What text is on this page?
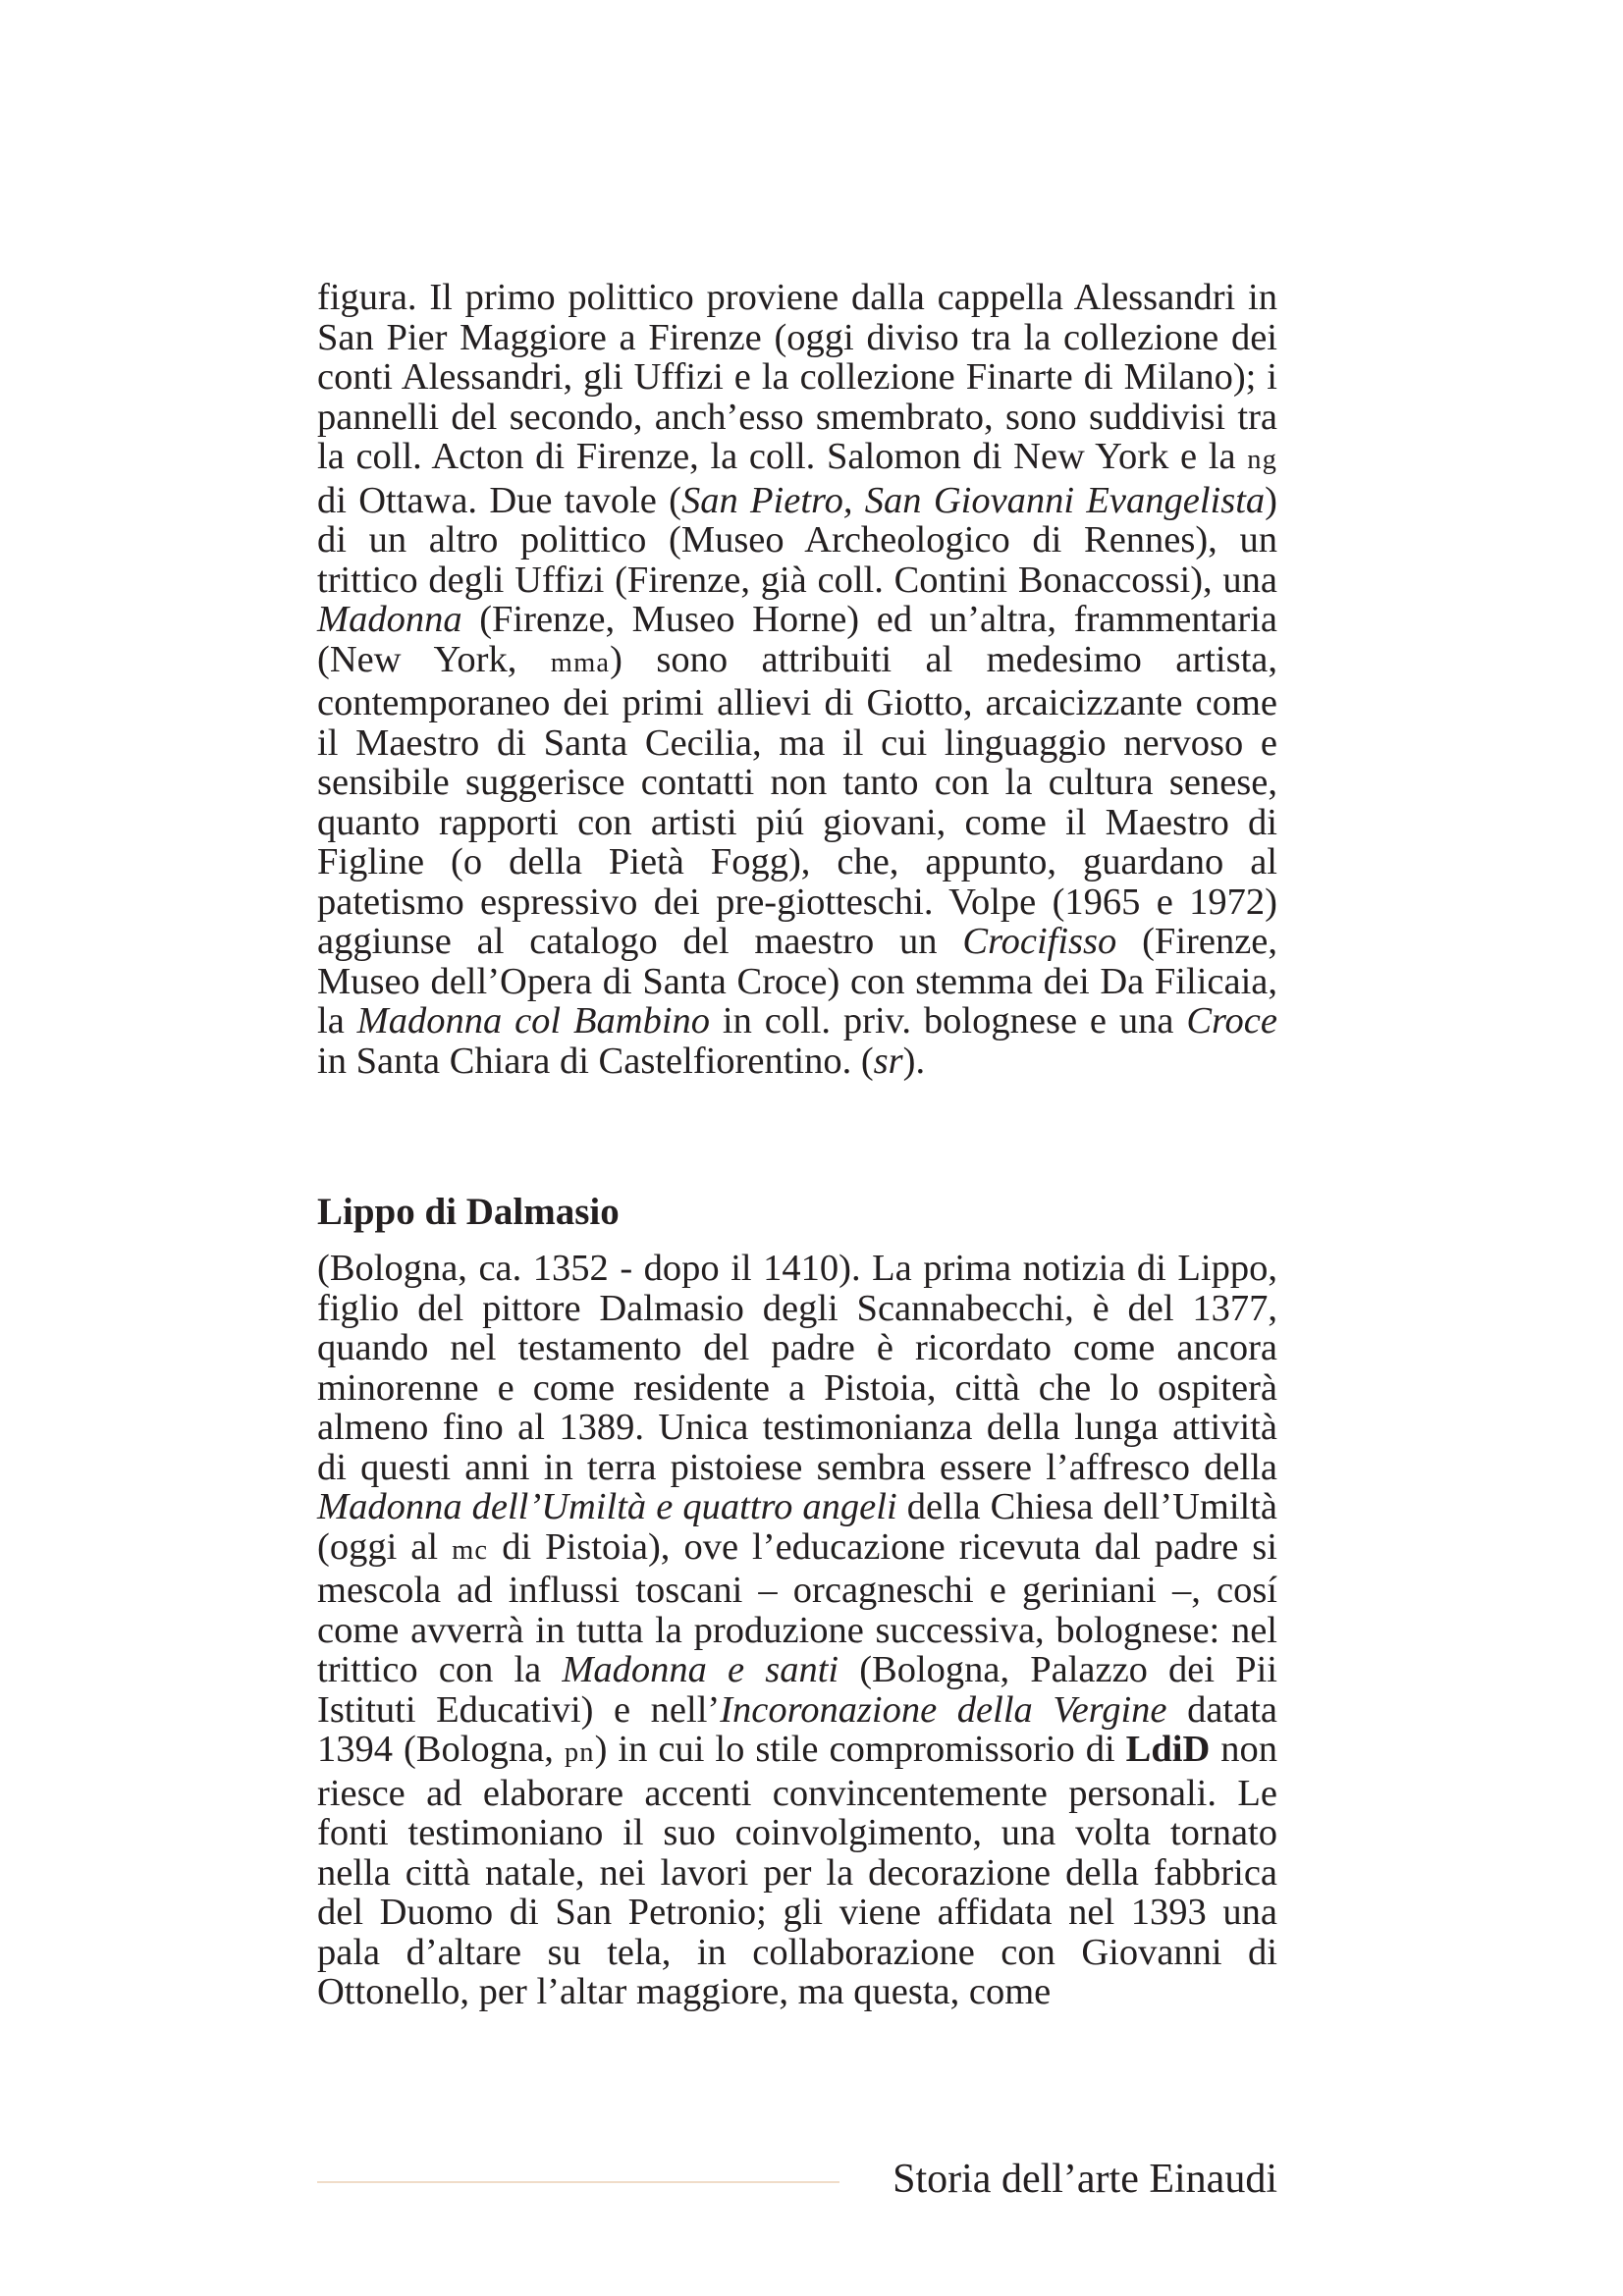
figura. Il primo polittico proviene dalla cappella Alessandri in San Pier Maggiore a Firenze (oggi diviso tra la collezione dei conti Alessandri, gli Uffizi e la collezione Finarte di Milano); i pannelli del secondo, anch’esso smembrato, sono suddivisi tra la coll. Acton di Firenze, la coll. Salomon di New York e la ng di Ottawa. Due tavole (San Pietro, San Giovanni Evangelista) di un altro polittico (Museo Archeologico di Rennes), un trittico degli Uffizi (Firenze, già coll. Contini Bonaccossi), una Madonna (Firenze, Museo Horne) ed un’altra, frammentaria (New York, mma) sono attribuiti al medesimo artista, contemporaneo dei primi allievi di Giotto, arcaicizzante come il Maestro di Santa Cecilia, ma il cui linguaggio nervoso e sensibile suggerisce contatti non tanto con la cultura senese, quanto rapporti con artisti piú giovani, come il Maestro di Figline (o della Pietà Fogg), che, appunto, guardano al patetismo espressivo dei pre-giotteschi. Volpe (1965 e 1972) aggiunse al catalogo del maestro un Crocifisso (Firenze, Museo dell’Opera di Santa Croce) con stemma dei Da Filicaia, la Madonna col Bambino in coll. priv. bolognese e una Croce in Santa Chiara di Castelfiorentino. (sr).

Lippo di Dalmasio

(Bologna, ca. 1352 - dopo il 1410). La prima notizia di Lippo, figlio del pittore Dalmasio degli Scannabecchi, è del 1377, quando nel testamento del padre è ricordato come ancora minorenne e come residente a Pistoia, città che lo ospiterà almeno fino al 1389. Unica testimonianza della lunga attività di questi anni in terra pistoiese sembra essere l’affresco della Madonna dell’Umiltà e quattro angeli della Chiesa dell’Umiltà (oggi al mc di Pistoia), ove l’educazione ricevuta dal padre si mescola ad influssi toscani – orcagneschi e geriniani –, cosí come avverrà in tutta la produzione successiva, bolognese: nel trittico con la Madonna e santi (Bologna, Palazzo dei Pii Istituti Educativi) e nell’Incoronazione della Vergine datata 1394 (Bologna, pn) in cui lo stile compromissorio di LdiD non riesce ad elaborare accenti convincentemente personali. Le fonti testimoniano il suo coinvolgimento, una volta tornato nella città natale, nei lavori per la decorazione della fabbrica del Duomo di San Petronio; gli viene affidata nel 1393 una pala d’altare su tela, in collaborazione con Giovanni di Ottonello, per l’altar maggiore, ma questa, come

Storia dell’arte Einaudi
